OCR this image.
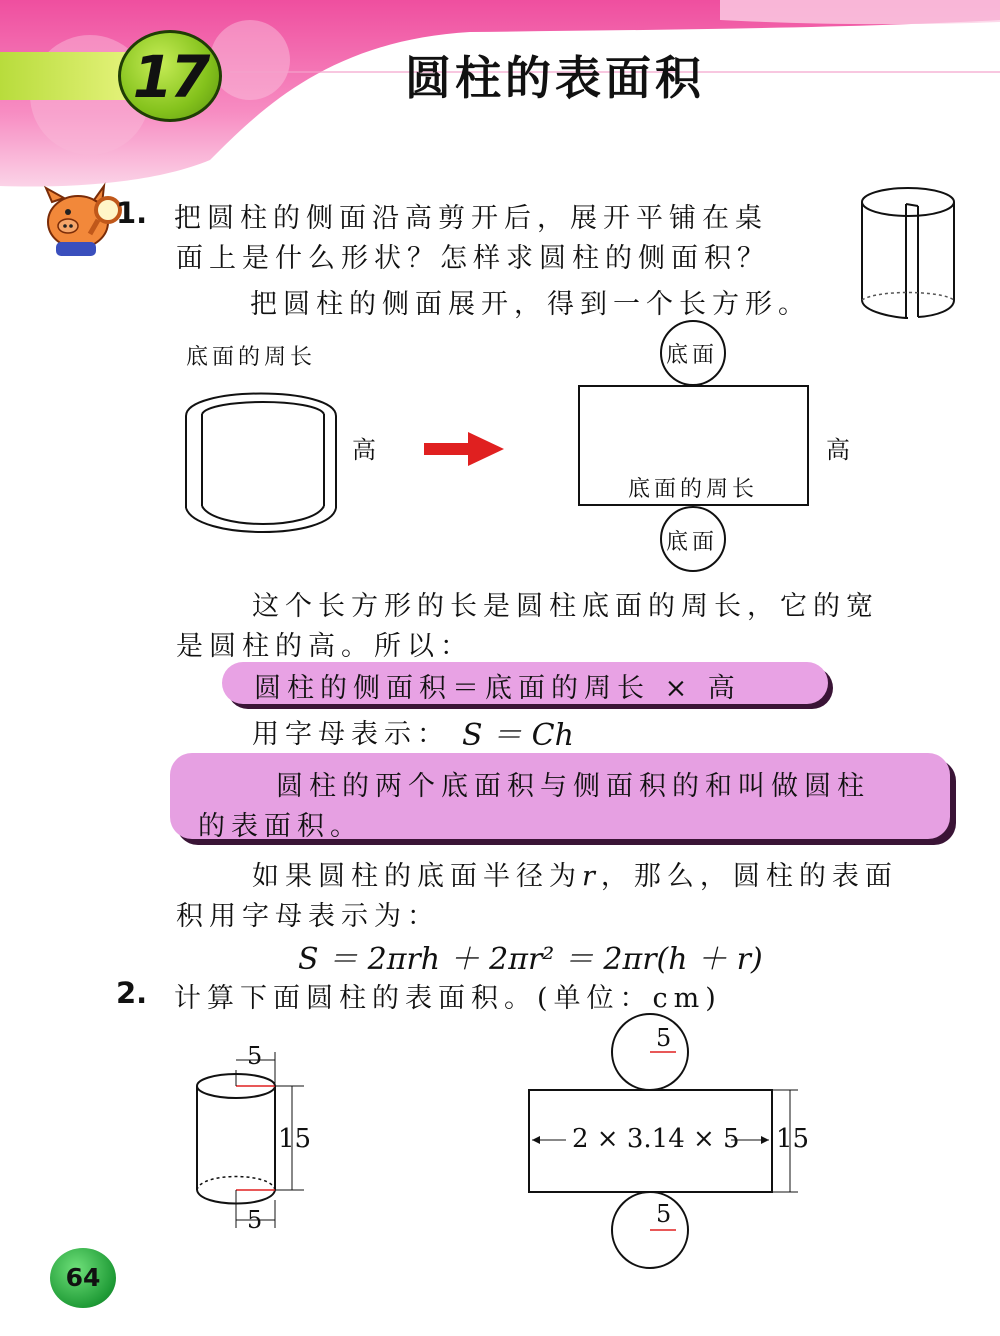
17	圆柱的表面积
1. 把圆柱的侧面沿高剪开后，展开平铺在桌
面上是什么形状？怎样求圆柱的侧面积？
把圆柱的侧面展开，得到一个长方形。
底面的周长
高
底面
高
底面的周长
底面
这个长方形的长是圆柱底面的周长，它的宽
是圆柱的高。所以：
圆柱的侧面积＝底面的周长 × 高
用字母表示： S ＝ Ch
圆柱的两个底面积与侧面积的和叫做圆柱
的表面积。
如果圆柱的底面半径为r，那么，圆柱的表面
积用字母表示为：
S ＝ 2πrh ＋ 2πr² ＝ 2πr(h ＋ r)
2. 计算下面圆柱的表面积。(单位：cm)
5
15
5
5
2 × 3.14 × 5 15
5
64
